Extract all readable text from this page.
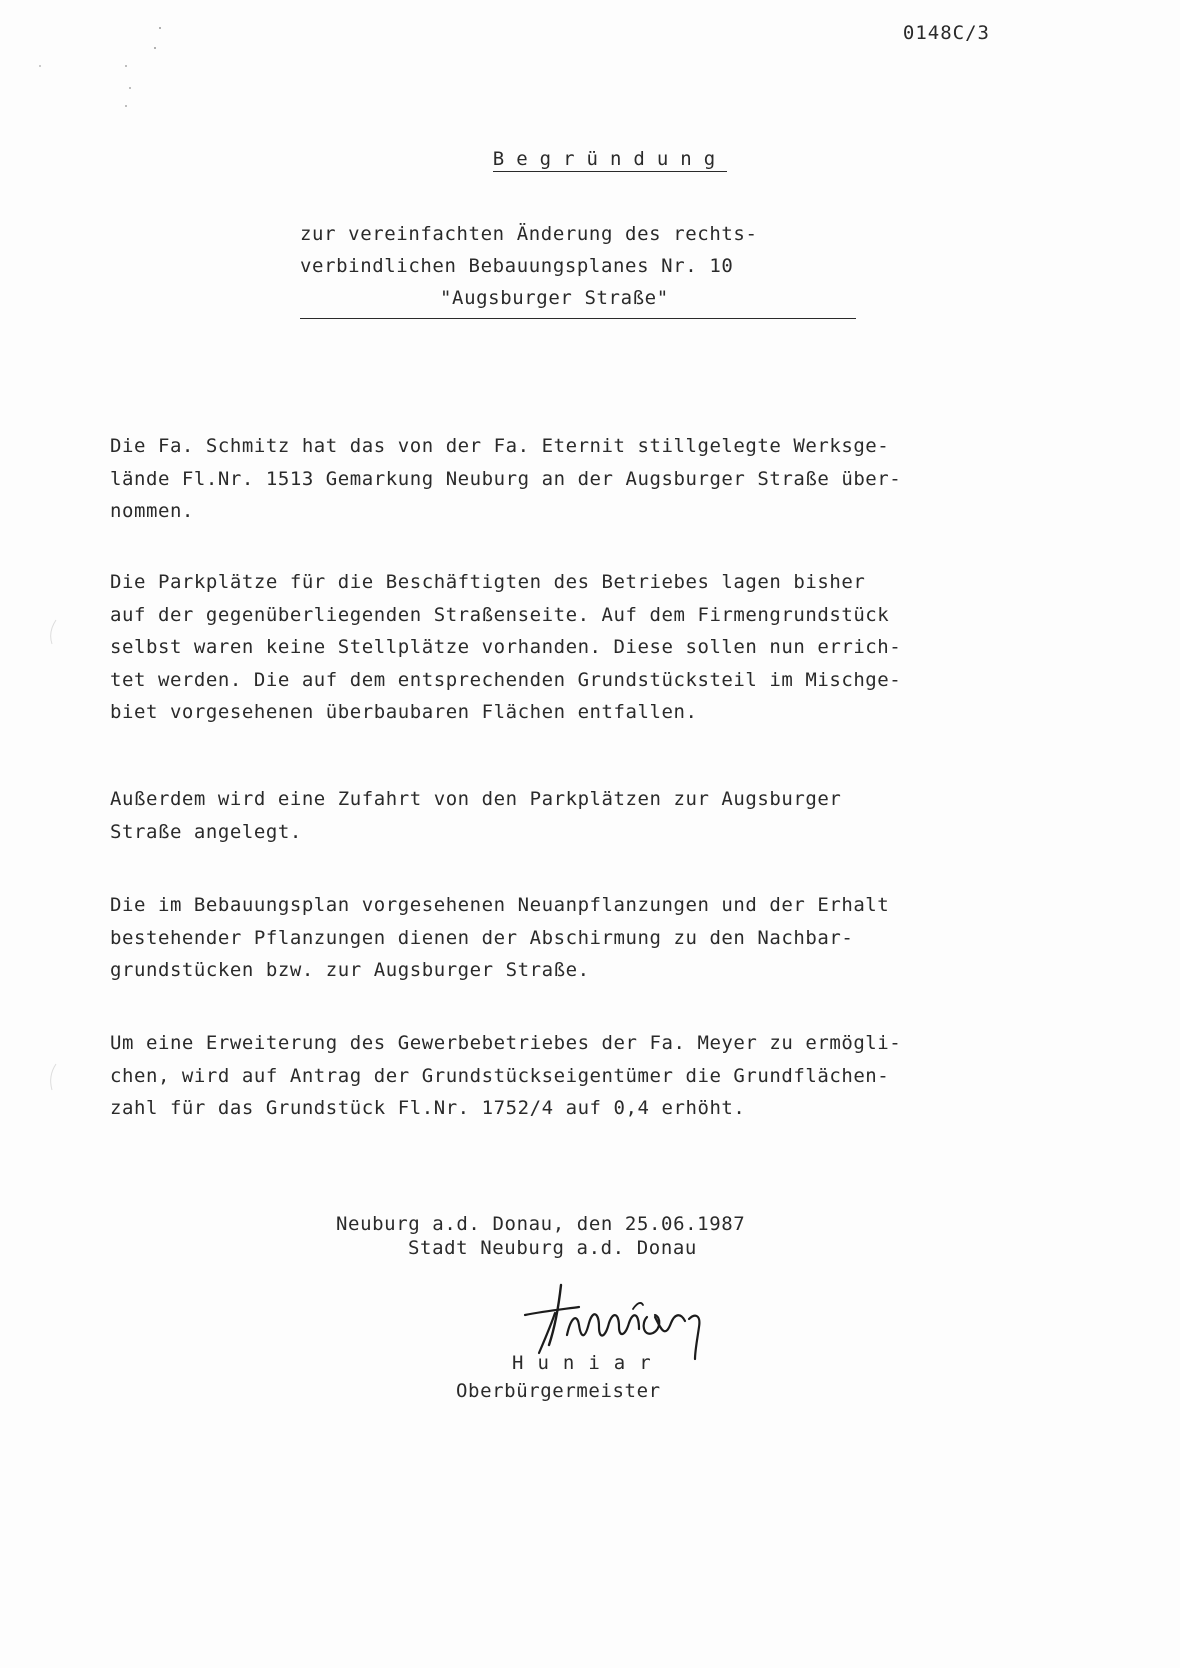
0148C/3
Begründung
zur vereinfachten Änderung des rechts-
verbindlichen Bebauungsplanes Nr. 10
"Augsburger Straße"
Die Fa. Schmitz hat das von der Fa. Eternit stillgelegte Werksge-
lände Fl.Nr. 1513 Gemarkung Neuburg an der Augsburger Straße über-
nommen.
Die Parkplätze für die Beschäftigten des Betriebes lagen bisher
auf der gegenüberliegenden Straßenseite. Auf dem Firmengrundstück
selbst waren keine Stellplätze vorhanden. Diese sollen nun errich-
tet werden. Die auf dem entsprechenden Grundstücksteil im Mischge-
biet vorgesehenen überbaubaren Flächen entfallen.
Außerdem wird eine Zufahrt von den Parkplätzen zur Augsburger
Straße angelegt.
Die im Bebauungsplan vorgesehenen Neuanpflanzungen und der Erhalt
bestehender Pflanzungen dienen der Abschirmung zu den Nachbar-
grundstücken bzw. zur Augsburger Straße.
Um eine Erweiterung des Gewerbebetriebes der Fa. Meyer zu ermögli-
chen, wird auf Antrag der Grundstückseigentümer die Grundflächen-
zahl für das Grundstück Fl.Nr. 1752/4 auf 0,4 erhöht.
Neuburg a.d. Donau, den 25.06.1987
Stadt Neuburg a.d. Donau
Huniar
Oberbürgermeister
